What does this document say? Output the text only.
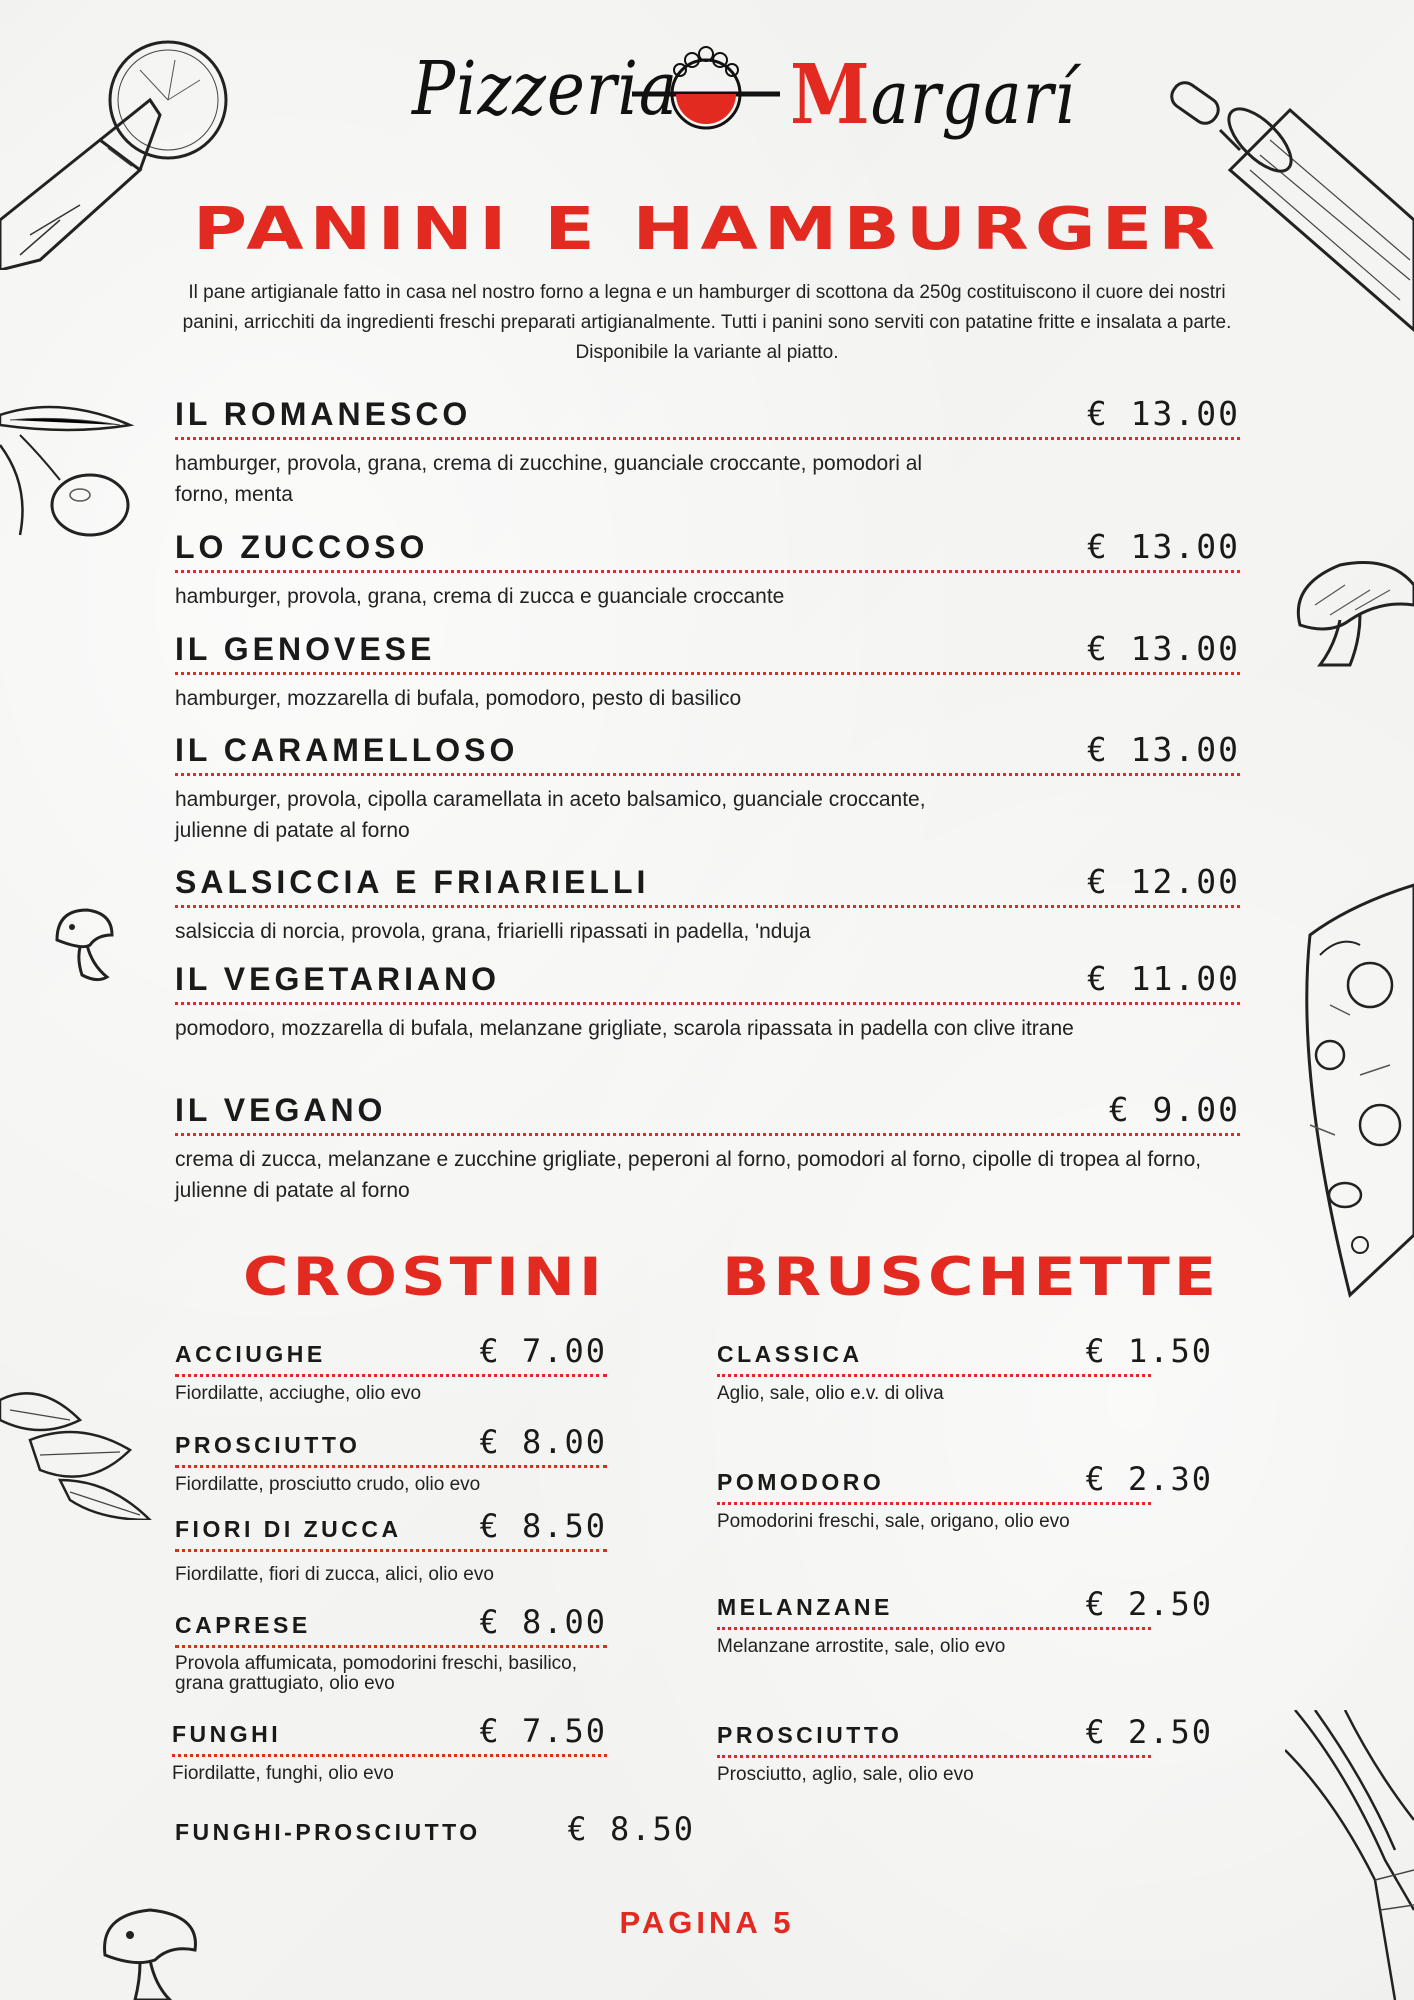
Pizzeria Margarí
PANINI E HAMBURGER
Il pane artigianale fatto in casa nel nostro forno a legna e un hamburger di scottona da 250g costituiscono il cuore dei nostri panini, arricchiti da ingredienti freschi preparati artigianalmente. Tutti i panini sono serviti con patatine fritte e insalata a parte. Disponibile la variante al piatto.
IL ROMANESCO	€ 13.00
hamburger, provola, grana, crema di zucchine, guanciale croccante, pomodori al forno, menta
LO ZUCCOSO	€ 13.00
hamburger, provola, grana, crema di zucca e guanciale croccante
IL GENOVESE	€ 13.00
hamburger, mozzarella di bufala, pomodoro, pesto di basilico
IL CARAMELLOSO	€ 13.00
hamburger, provola, cipolla caramellata in aceto balsamico, guanciale croccante, julienne di patate al forno
SALSICCIA E FRIARIELLI	€ 12.00
salsiccia di norcia, provola, grana, friarielli ripassati in padella, 'nduja
IL VEGETARIANO	€ 11.00
pomodoro, mozzarella di bufala, melanzane grigliate, scarola ripassata in padella con clive itrane
IL VEGANO	€ 9.00
crema di zucca, melanzane e zucchine grigliate, peperoni al forno, pomodori al forno, cipolle di tropea al forno, julienne di patate al forno
CROSTINI BRUSCHETTE
ACCIUGHE	€ 7.00
Fiordilatte, acciughe, olio evo
PROSCIUTTO	€ 8.00
Fiordilatte, prosciutto crudo, olio evo
FIORI DI ZUCCA € 8.50
Fiordilatte, fiori di zucca, alici, olio evo
CAPRESE	€ 8.00
Provola affumicata, pomodorini freschi, basilico, grana grattugiato, olio evo
FUNGHI	€ 7.50
Fiordilatte, funghi, olio evo
FUNGHI-PROSCIUTTO	€ 8.50
CLASSICA	€ 1.50
Aglio, sale, olio e.v. di oliva
POMODORO	€ 2.30
Pomodorini freschi, sale, origano, olio evo
MELANZANE	€ 2.50
Melanzane arrostite, sale, olio evo
PROSCIUTTO	€ 2.50
Prosciutto, aglio, sale, olio evo
PAGINA 5
